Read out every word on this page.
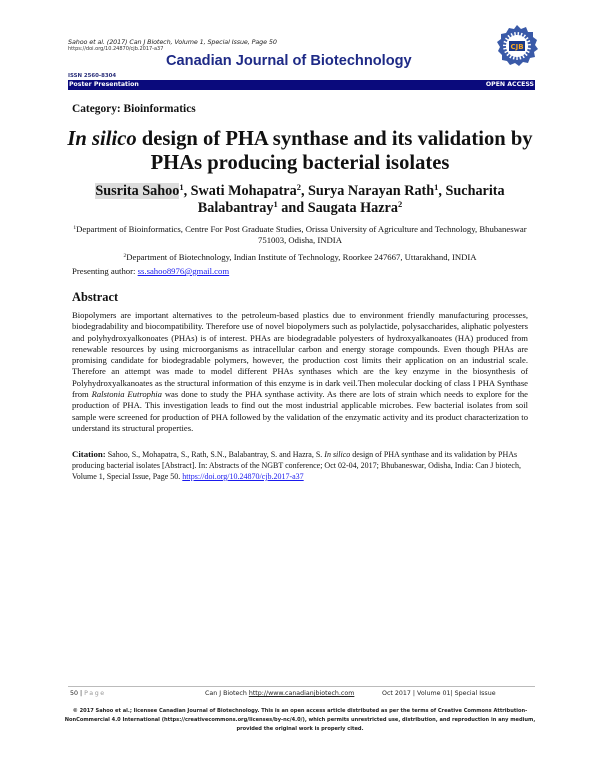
Sahoo et al. (2017) Can J Biotech, Volume 1, Special Issue, Page 50
https://doi.org/10.24870/cjb.2017-a37
Canadian Journal of Biotechnology
ISSN 2560-8304
CJB
Poster Presentation	OPEN ACCESS
Category: Bioinformatics
In silico design of PHA synthase and its validation by
PHAs producing bacterial isolates
Susrita Sahoo$^1$, Swati Mohapatra$^2$, Surya Narayan Rath$^1$, Sucharita Balabantray$^1$ and Saugata Hazra$^2$
$^1$Department of Bioinformatics, Centre For Post Graduate Studies, Orissa University of Agriculture and Technology, Bhubaneswar 751003, Odisha, INDIA
$^2$Department of Biotechnology, Indian Institute of Technology, Roorkee 247667, Uttarakhand, INDIA
Presenting author: ss.sahoo8976@gmail.com
Abstract
Biopolymers are important alternatives to the petroleum-based plastics due to environment friendly manufacturing processes, biodegradability and biocompatibility. Therefore use of novel biopolymers such as polylactide, polysaccharides, aliphatic polyesters and polyhydroxyalkonoates (PHAs) is of interest. PHAs are biodegradable polyesters of hydroxyalkanoates (HA) produced from renewable resources by using microorganisms as intracellular carbon and energy storage compounds. Even though PHAs are promising candidate for biodegradable polymers, however, the production cost limits their application on an industrial scale. Therefore an attempt was made to model different PHAs synthases which are the key enzyme in the biosynthesis of Polyhydroxyalkanoates as the structural information of this enzyme is in dark veil.Then molecular docking of class I PHA Synthase from Ralstonia Eutrophia was done to study the PHA synthase activity. As there are lots of strain which needs to explore for the production of PHA. This investigation leads to find out the most industrial applicable microbes. Few bacterial isolates from soil sample were screened for production of PHA followed by the validation of the enzymatic activity and its product characterization to understand its structural properties.
Citation: Sahoo, S., Mohapatra, S., Rath, S.N., Balabantray, S. and Hazra, S. In silico design of PHA synthase and its validation by PHAs producing bacterial isolates [Abstract]. In: Abstracts of the NGBT conference; Oct 02-04, 2017; Bhubaneswar, Odisha, India: Can J biotech, Volume 1, Special Issue, Page 50. https://doi.org/10.24870/cjb.2017-a37
50 | Page	Can J Biotech http://www.canadianjbiotech.com	Oct 2017 | Volume 01| Special Issue
© 2017 Sahoo et al.; licensee Canadian Journal of Biotechnology. This is an open access article distributed as per the terms of Creative Commons Attribution-NonCommercial 4.0 International (https://creativecommons.org/licenses/by-nc/4.0/), which permits unrestricted use, distribution, and reproduction in any medium, provided the original work is properly cited.
